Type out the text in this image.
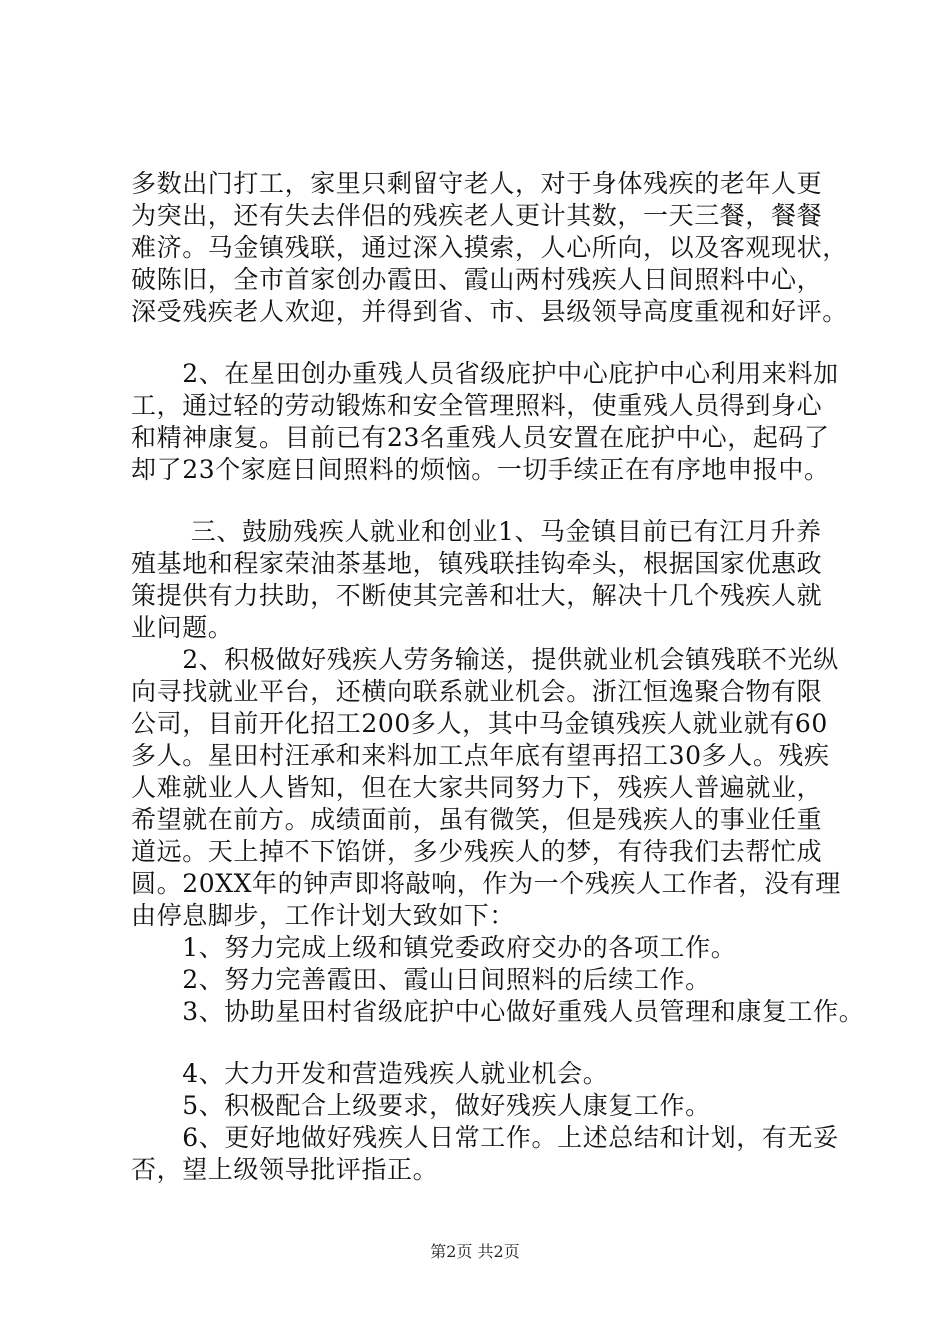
多数出门打工，家里只剩留守老人，对于身体残疾的老年人更
为突出，还有失去伴侣的残疾老人更计其数，一天三餐，餐餐
难济。马金镇残联，通过深入摸索，人心所向，以及客观现状，
破陈旧，全市首家创办霞田、霞山两村残疾人日间照料中心，
深受残疾老人欢迎，并得到省、市、县级领导高度重视和好评。
　　2、在星田创办重残人员省级庇护中心庇护中心利用来料加
工，通过轻的劳动锻炼和安全管理照料，使重残人员得到身心
和精神康复。目前已有23名重残人员安置在庇护中心，起码了
却了23个家庭日间照料的烦恼。一切手续正在有序地申报中。
　　 三、鼓励残疾人就业和创业1、马金镇目前已有江月升养
殖基地和程家荣油茶基地，镇残联挂钩牵头，根据国家优惠政
策提供有力扶助，不断使其完善和壮大，解决十几个残疾人就
业问题。
　　2、积极做好残疾人劳务输送，提供就业机会镇残联不光纵
向寻找就业平台，还横向联系就业机会。浙江恒逸聚合物有限
公司，目前开化招工200多人，其中马金镇残疾人就业就有60
多人。星田村汪承和来料加工点年底有望再招工30多人。残疾
人难就业人人皆知，但在大家共同努力下，残疾人普遍就业，
希望就在前方。成绩面前，虽有微笑，但是残疾人的事业任重
道远。天上掉不下馅饼，多少残疾人的梦，有待我们去帮忙成
圆。20XX年的钟声即将敲响，作为一个残疾人工作者，没有理
由停息脚步，工作计划大致如下：
　　1、努力完成上级和镇党委政府交办的各项工作。
　　2、努力完善霞田、霞山日间照料的后续工作。
　　3、协助星田村省级庇护中心做好重残人员管理和康复工作。
　　4、大力开发和营造残疾人就业机会。
　　5、积极配合上级要求，做好残疾人康复工作。
　　6、更好地做好残疾人日常工作。上述总结和计划，有无妥
否，望上级领导批评指正。
第2页 共2页
